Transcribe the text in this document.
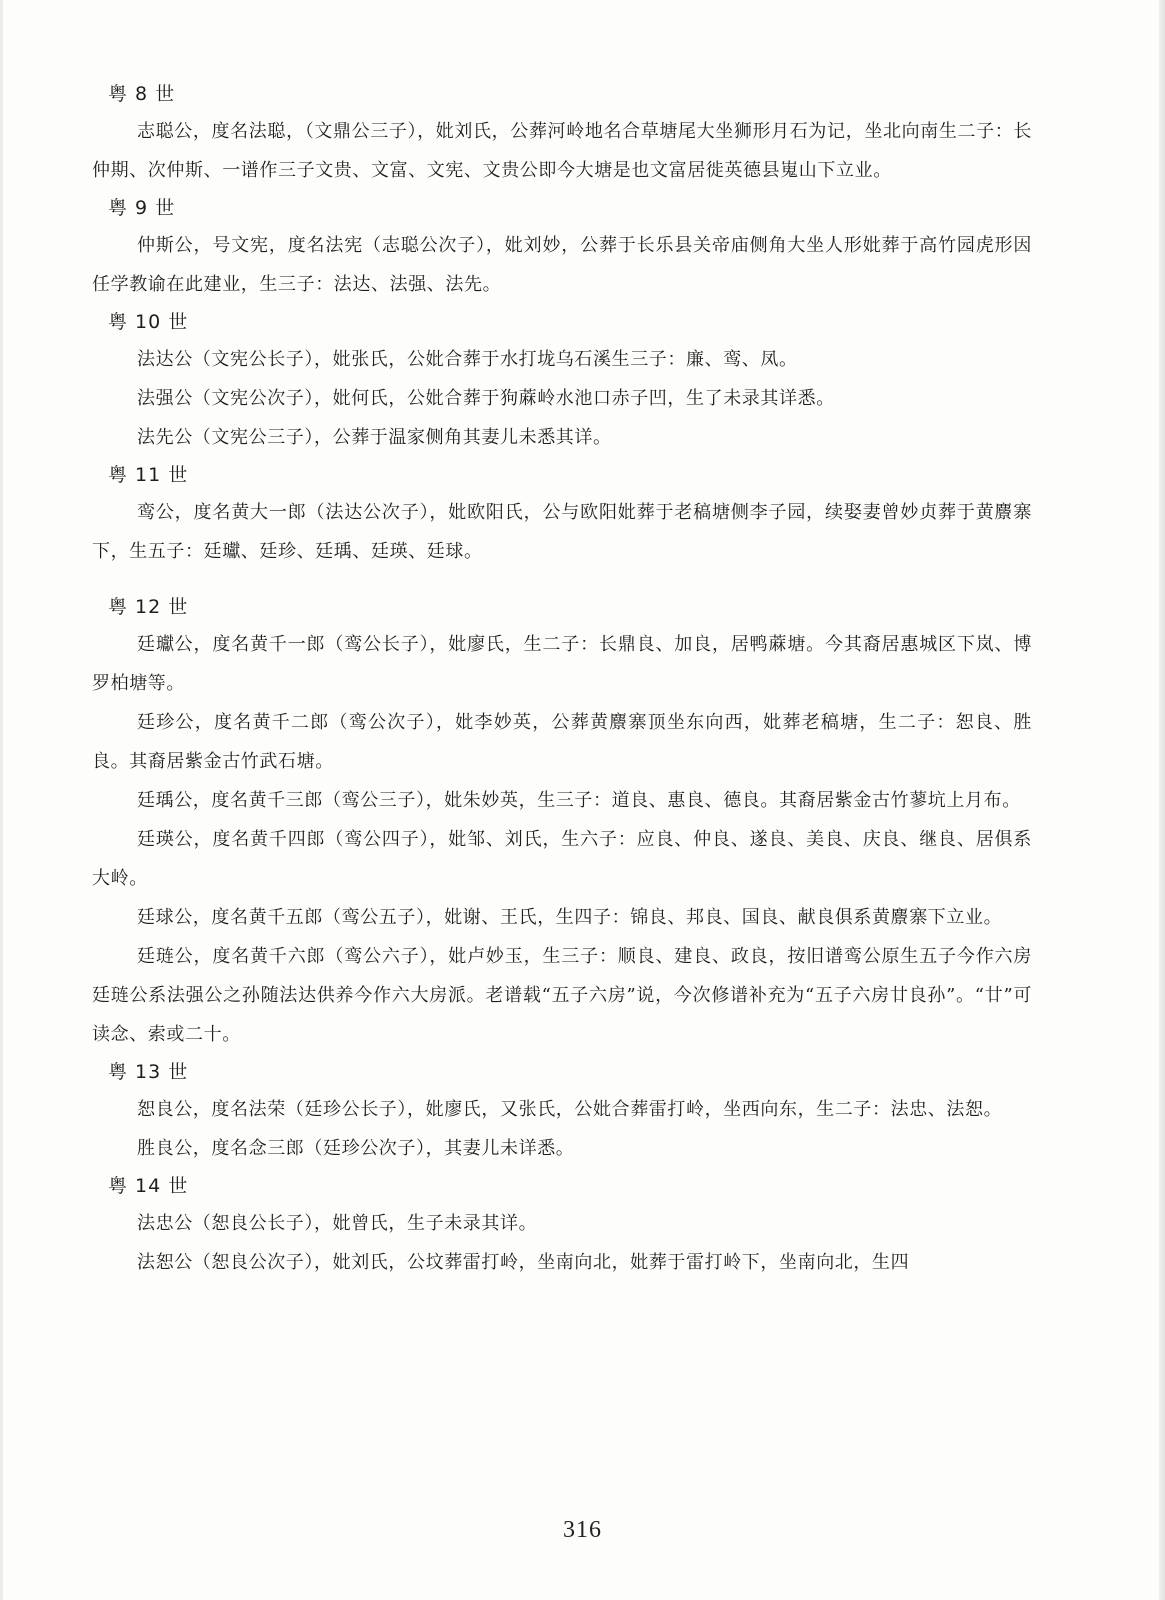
粤 8 世

志聪公，度名法聪，（文鼎公三子），妣刘氏，公葬河岭地名合草塘尾大坐狮形月石为记，坐北向南生二子：长仲期、次仲斯、一谱作三子文贵、文富、文宪、文贵公即今大塘是也文富居徙英德县嵬山下立业。

粤 9 世

仲斯公，号文宪，度名法宪（志聪公次子），妣刘妙，公葬于长乐县关帝庙侧角大坐人形妣葬于高竹园虎形因任学教谕在此建业，生三子：法达、法强、法先。

粤 10 世

法达公（文宪公长子），妣张氏，公妣合葬于水打垅乌石溪生三子：廉、鸾、凤。

法强公（文宪公次子），妣何氏，公妣合葬于狗蔴岭水池口赤子凹，生了未录其详悉。

法先公（文宪公三子），公葬于温家侧角其妻儿未悉其详。

粤 11 世

鸾公，度名黄大一郎（法达公次子），妣欧阳氏，公与欧阳妣葬于老稿塘侧李子园，续娶妻曾妙贞葬于黄麖寨下，生五子：廷瓛、廷珍、廷瑀、廷瑛、廷球。

粤 12 世

廷瓛公，度名黄千一郎（鸾公长子），妣廖氏，生二子：长鼎良、加良，居鸭蔴塘。今其裔居惠城区下岚、博罗柏塘等。

廷珍公，度名黄千二郎（鸾公次子），妣李妙英，公葬黄麖寨顶坐东向西，妣葬老稿塘，生二子：恕良、胜良。其裔居紫金古竹武石塘。

廷瑀公，度名黄千三郎（鸾公三子），妣朱妙英，生三子：道良、惠良、德良。其裔居紫金古竹蓼坑上月布。

廷瑛公，度名黄千四郎（鸾公四子），妣邹、刘氏，生六子：应良、仲良、遂良、美良、庆良、继良、居俱系大岭。

廷球公，度名黄千五郎（鸾公五子），妣谢、王氏，生四子：锦良、邦良、国良、献良俱系黄麖寨下立业。

廷琏公，度名黄千六郎（鸾公六子），妣卢妙玉，生三子：顺良、建良、政良，按旧谱鸾公原生五子今作六房廷琏公系法强公之孙随法达供养今作六大房派。老谱载“五子六房”说，今次修谱补充为“五子六房廿良孙”。“廿”可读念、索或二十。

粤 13 世

恕良公，度名法荣（廷珍公长子），妣廖氏，又张氏，公妣合葬雷打岭，坐西向东，生二子：法忠、法恕。

胜良公，度名念三郎（廷珍公次子），其妻儿未详悉。

粤 14 世

法忠公（恕良公长子），妣曾氏，生子未录其详。

法恕公（恕良公次子），妣刘氏，公坟葬雷打岭，坐南向北，妣葬于雷打岭下，坐南向北，生四

316
